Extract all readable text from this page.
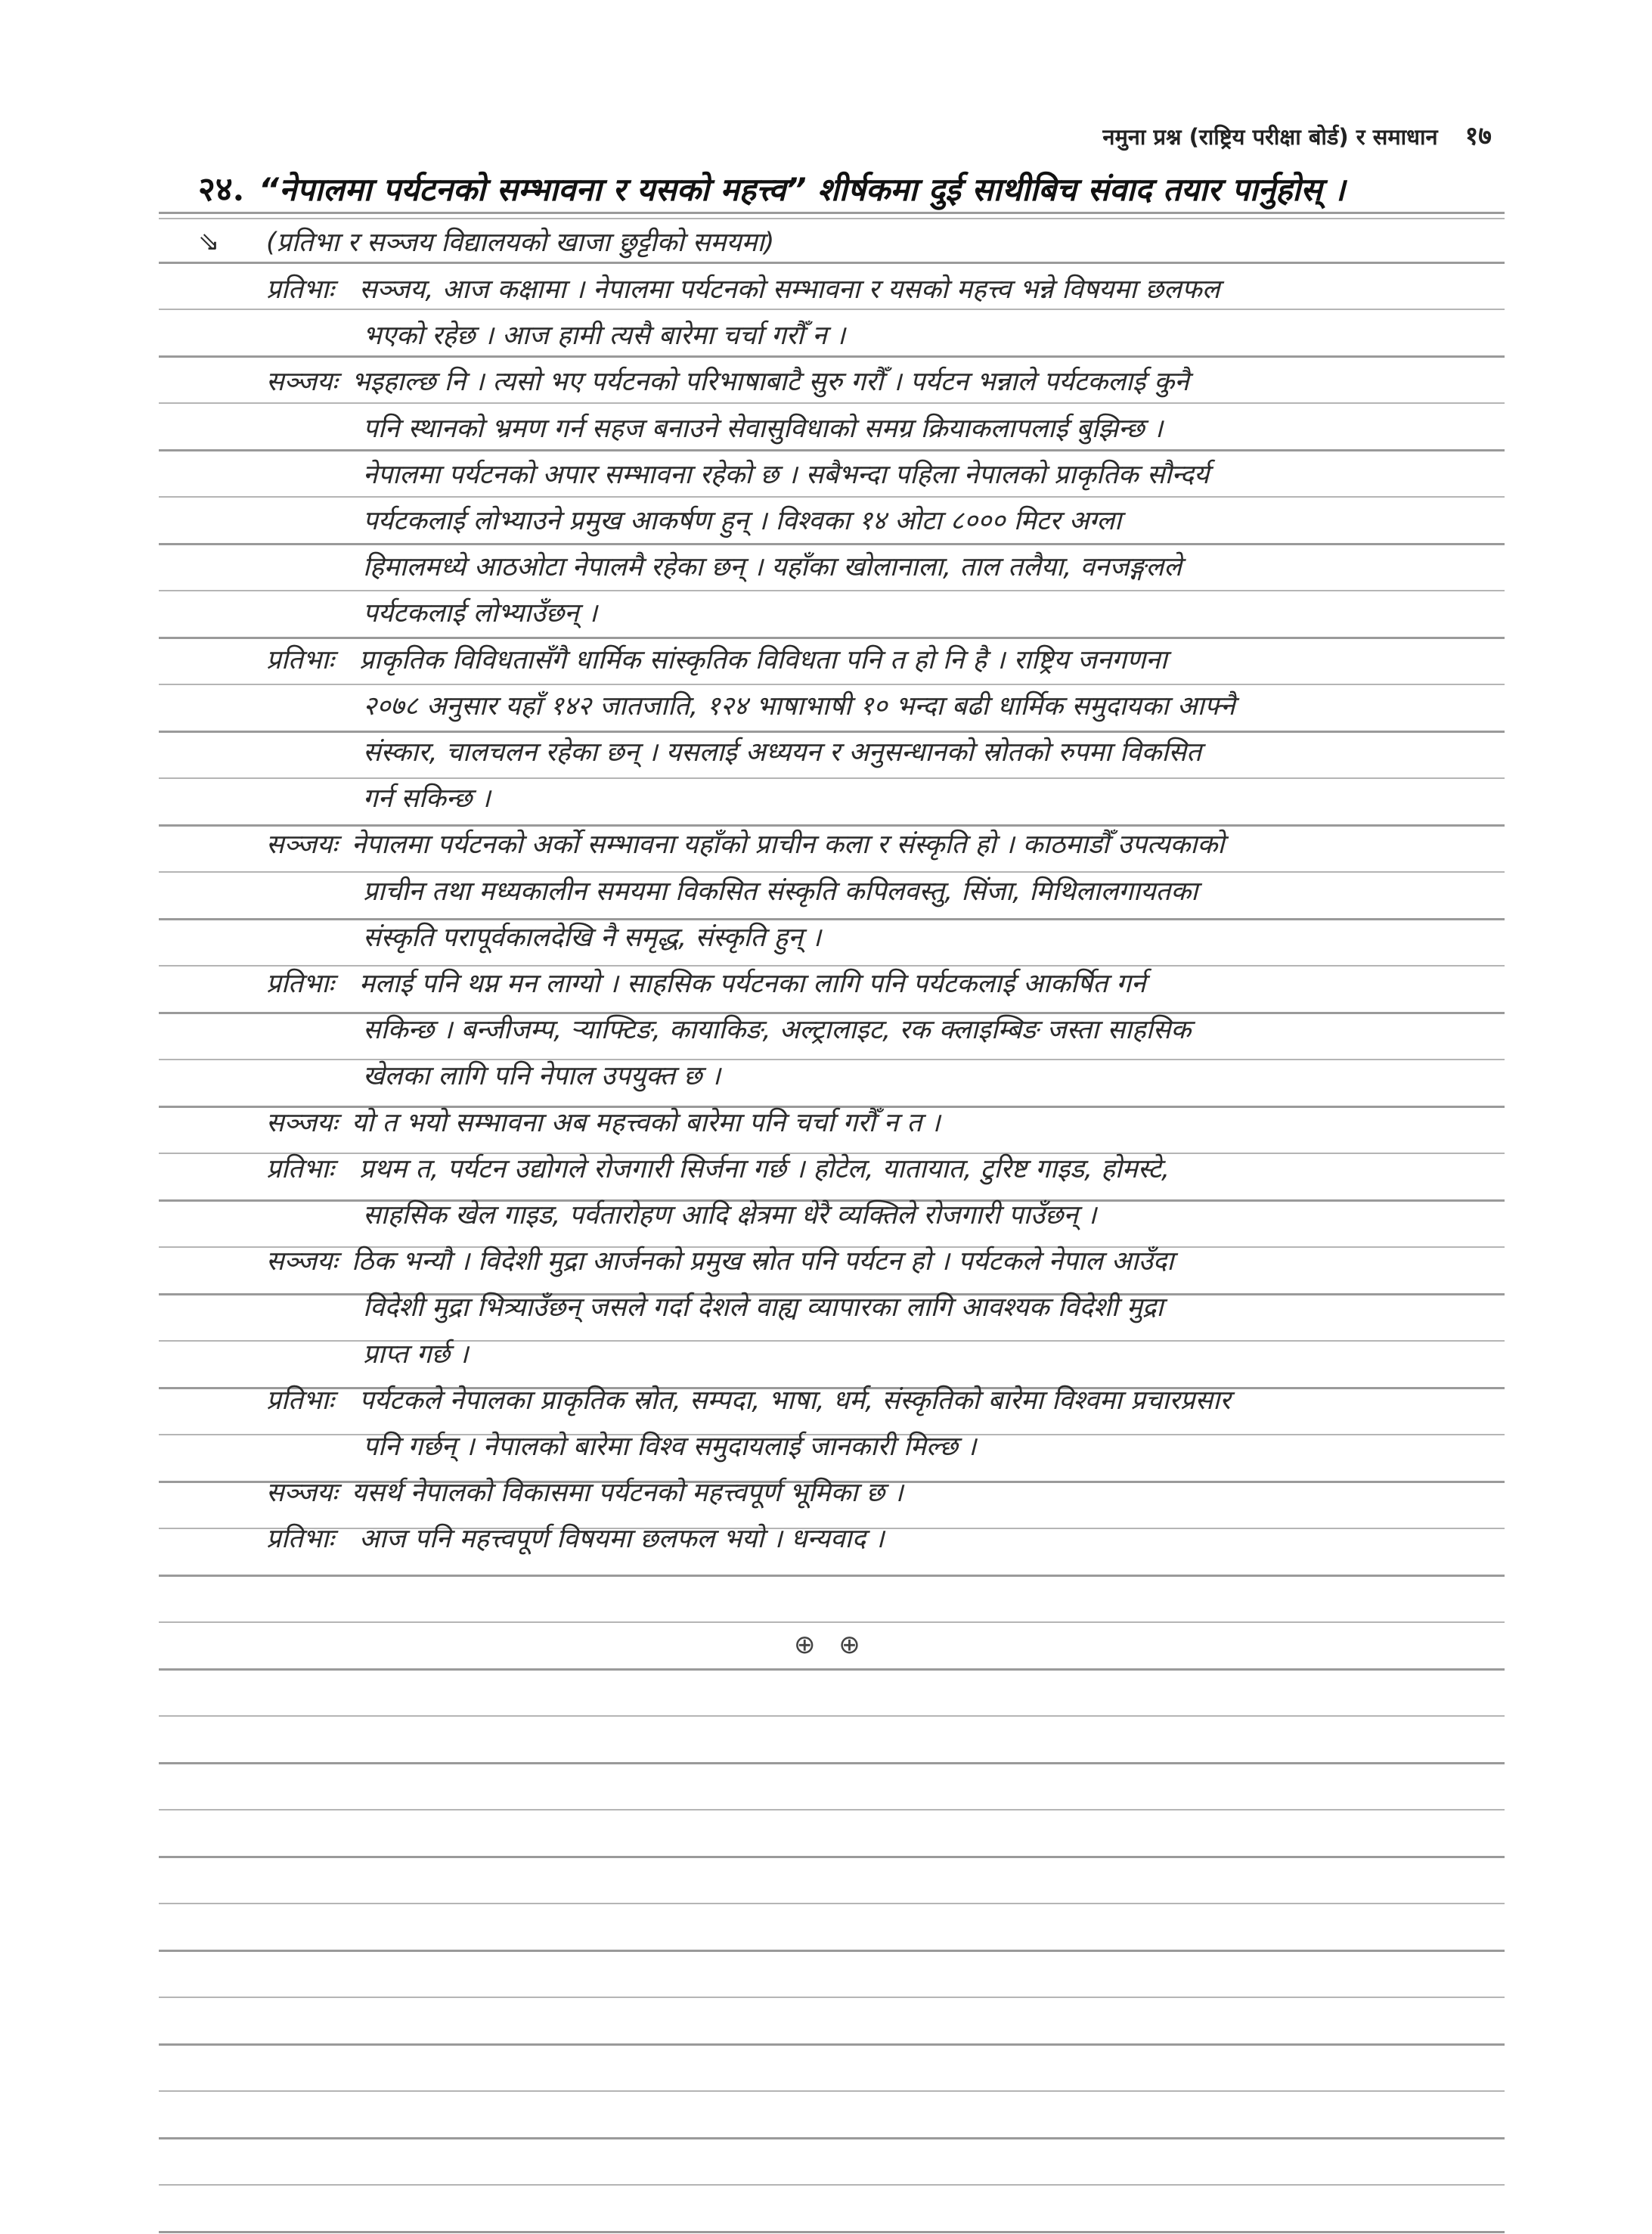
नमुना प्रश्न (राष्ट्रिय परीक्षा बोर्ड) र समाधान १७
२४. “नेपालमा पर्यटनको सम्भावना र यसको महत्त्व” शीर्षकमा दुई साथीबिच संवाद तयार पार्नुहोस् ।
⇘ (प्रतिभा र सञ्जय विद्यालयको खाजा छुट्टीको समयमा)
प्रतिभाः सञ्जय, आज कक्षामा । नेपालमा पर्यटनको सम्भावना र यसको महत्त्व भन्ने विषयमा छलफल
भएको रहेछ । आज हामी त्यसै बारेमा चर्चा गरौँ न ।
सञ्जयः भइहाल्छ नि । त्यसो भए पर्यटनको परिभाषाबाटै सुरु गरौँ । पर्यटन भन्नाले पर्यटकलाई कुनै
पनि स्थानको भ्रमण गर्न सहज बनाउने सेवासुविधाको समग्र क्रियाकलापलाई बुझिन्छ ।
नेपालमा पर्यटनको अपार सम्भावना रहेको छ । सबैभन्दा पहिला नेपालको प्राकृतिक सौन्दर्य
पर्यटकलाई लोभ्याउने प्रमुख आकर्षण हुन् । विश्वका १४ ओटा ८००० मिटर अग्ला
हिमालमध्ये आठओटा नेपालमै रहेका छन् । यहाँका खोलानाला, ताल तलैया, वनजङ्गलले
पर्यटकलाई लोभ्याउँछन् ।
प्रतिभाः प्राकृतिक विविधतासँगै धार्मिक सांस्कृतिक विविधता पनि त हो नि है । राष्ट्रिय जनगणना
२०७८ अनुसार यहाँ १४२ जातजाति, १२४ भाषाभाषी १० भन्दा बढी धार्मिक समुदायका आफ्नै
संस्कार, चालचलन रहेका छन् । यसलाई अध्ययन र अनुसन्धानको स्रोतको रुपमा विकसित
गर्न सकिन्छ ।
सञ्जयः नेपालमा पर्यटनको अर्को सम्भावना यहाँको प्राचीन कला र संस्कृति हो । काठमाडौँ उपत्यकाको
प्राचीन तथा मध्यकालीन समयमा विकसित संस्कृति कपिलवस्तु, सिंजा, मिथिलालगायतका
संस्कृति परापूर्वकालदेखि नै समृद्ध, संस्कृति हुन् ।
प्रतिभाः मलाई पनि थप्न मन लाग्यो । साहसिक पर्यटनका लागि पनि पर्यटकलाई आकर्षित गर्न
सकिन्छ । बन्जीजम्प, र्‍याफ्टिङ, कायाकिङ, अल्ट्रालाइट, रक क्लाइम्बिङ जस्ता साहसिक
खेलका लागि पनि नेपाल उपयुक्त छ ।
सञ्जयः यो त भयो सम्भावना अब महत्त्वको बारेमा पनि चर्चा गरौँ न त ।
प्रतिभाः प्रथम त, पर्यटन उद्योगले रोजगारी सिर्जना गर्छ । होटेल, यातायात, टुरिष्ट गाइड, होमस्टे,
साहसिक खेल गाइड, पर्वतारोहण आदि क्षेत्रमा धेरै व्यक्तिले रोजगारी पाउँछन् ।
सञ्जयः ठिक भन्यौ । विदेशी मुद्रा आर्जनको प्रमुख स्रोत पनि पर्यटन हो । पर्यटकले नेपाल आउँदा
विदेशी मुद्रा भित्र्याउँछन् जसले गर्दा देशले वाह्य व्यापारका लागि आवश्यक विदेशी मुद्रा
प्राप्त गर्छ ।
प्रतिभाः पर्यटकले नेपालका प्राकृतिक स्रोत, सम्पदा, भाषा, धर्म, संस्कृतिको बारेमा विश्वमा प्रचारप्रसार
पनि गर्छन् । नेपालको बारेमा विश्व समुदायलाई जानकारी मिल्छ ।
सञ्जयः यसर्थ नेपालको विकासमा पर्यटनको महत्त्वपूर्ण भूमिका छ ।
प्रतिभाः आज पनि महत्त्वपूर्ण विषयमा छलफल भयो । धन्यवाद ।
⊕ ⊕
